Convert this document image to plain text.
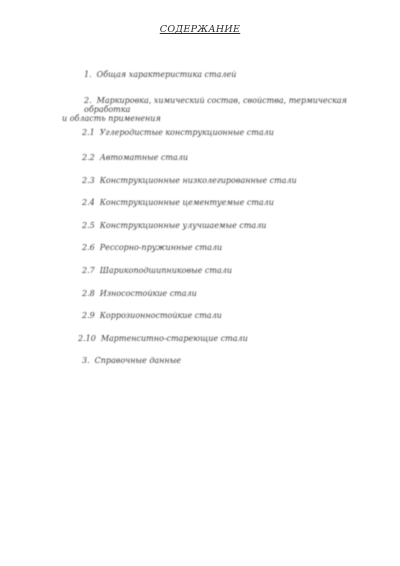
СОДЕРЖАНИЕ
1. Общая характеристика сталей
2. Маркировка, химический состав, свойства, термическая обработка
и область применения
2.1 Углеродистые конструкционные стали
2.2 Автоматные стали
2.3 Конструкционные низколегированные стали
2.4 Конструкционные цементуемые стали
2.5 Конструкционные улучшаемые стали
2.6 Рессорно-пружинные стали
2.7 Шарикоподшипниковые стали
2.8 Износостойкие стали
2.9 Коррозионностойкие стали
2.10 Мартенситно-стареющие стали
3. Справочные данные
